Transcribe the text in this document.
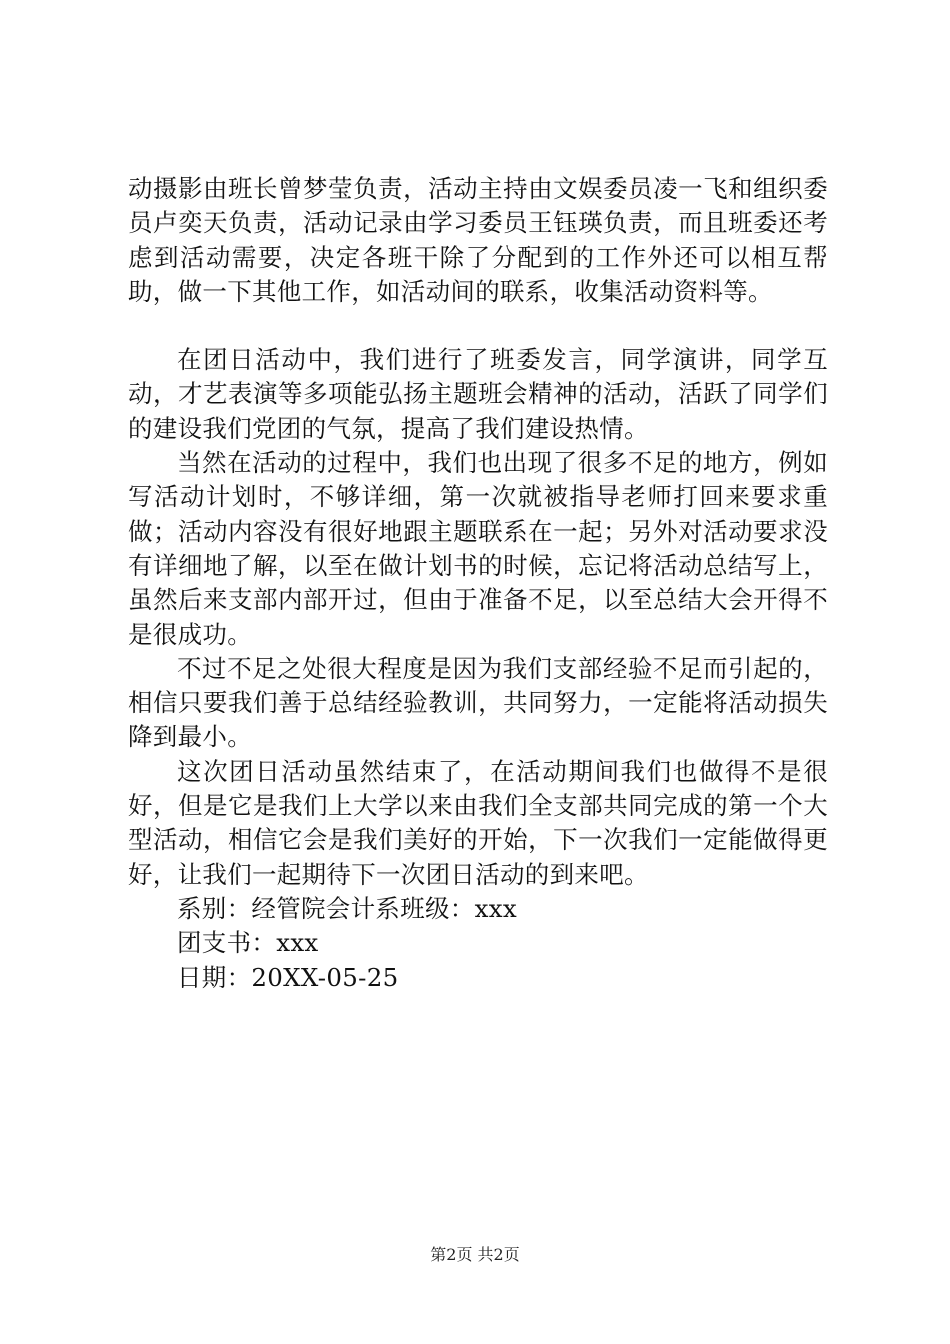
动摄影由班长曾梦莹负责，活动主持由文娱委员凌一飞和组织委员卢奕天负责，活动记录由学习委员王钰瑛负责，而且班委还考虑到活动需要，决定各班干除了分配到的工作外还可以相互帮助，做一下其他工作，如活动间的联系，收集活动资料等。

在团日活动中，我们进行了班委发言，同学演讲，同学互动，才艺表演等多项能弘扬主题班会精神的活动，活跃了同学们的建设我们党团的气氛，提高了我们建设热情。

当然在活动的过程中，我们也出现了很多不足的地方，例如写活动计划时，不够详细，第一次就被指导老师打回来要求重做；活动内容没有很好地跟主题联系在一起；另外对活动要求没有详细地了解，以至在做计划书的时候，忘记将活动总结写上，虽然后来支部内部开过，但由于准备不足，以至总结大会开得不是很成功。

不过不足之处很大程度是因为我们支部经验不足而引起的，相信只要我们善于总结经验教训，共同努力，一定能将活动损失降到最小。

这次团日活动虽然结束了，在活动期间我们也做得不是很好，但是它是我们上大学以来由我们全支部共同完成的第一个大型活动，相信它会是我们美好的开始，下一次我们一定能做得更好，让我们一起期待下一次团日活动的到来吧。

系别：经管院会计系班级：xxx

团支书：xxx

日期：20XX-05-25

第2页 共2页
